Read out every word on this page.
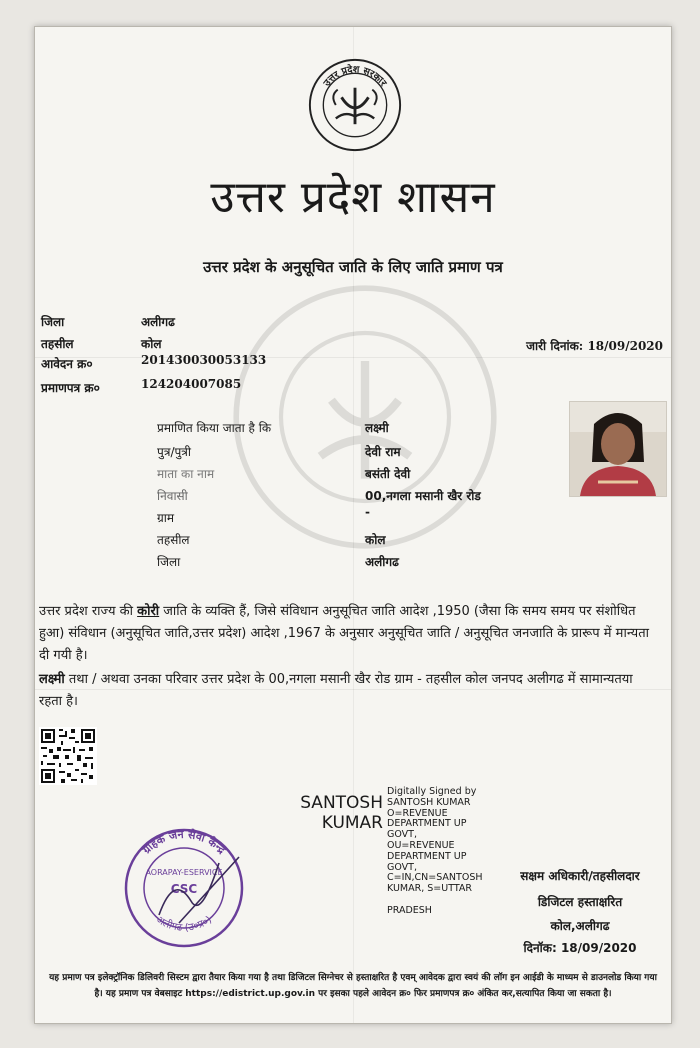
उत्तर प्रदेश सरकार
उत्तर प्रदेश शासन
उत्तर प्रदेश के अनुसूचित जाति के लिए जाति प्रमाण पत्र
जिला	अलीगढ
तहसील	कोल
आवेदन क्र०	201430030053133
प्रमाणपत्र क्र०	124204007085
जारी दिनांक: 18/09/2020
प्रमाणित किया जाता है कि	लक्ष्मी
पुत्र/पुत्री	देवी राम
माता का नाम	बसंती देवी
निवासी	00,नगला मसानी खैर रोड
ग्राम	-
तहसील	कोल
जिला	अलीगढ
उत्तर प्रदेश राज्य की कोरी जाति के व्यक्ति हैं, जिसे संविधान अनुसूचित जाति आदेश ,1950 (जैसा कि समय समय पर संशोधित हुआ) संविधान (अनुसूचित जाति,उत्तर प्रदेश) आदेश ,1967 के अनुसार अनुसूचित जाति / अनुसूचित जनजाति के प्रारूप में मान्यता दी गयी है।
लक्ष्मी तथा / अथवा उनका परिवार उत्तर प्रदेश के 00,नगला मसानी खैर रोड ग्राम - तहसील कोल जनपद अलीगढ में सामान्यतया रहता है।
SANTOSH
KUMAR
Digitally Signed by
SANTOSH KUMAR
O=REVENUE
DEPARTMENT UP
GOVT,
OU=REVENUE
DEPARTMENT UP
GOVT,
C=IN,CN=SANTOSH
KUMAR, S=UTTAR

PRADESH
ग्राहक जन सेवा केन्द्र
अलीगढ (उ०प्र०)
AORAPAY-ESERVICE
CSC
सक्षम अधिकारी/तहसीलदार
डिजिटल हस्ताक्षरित
कोल,अलीगढ
दिनॉक: 18/09/2020
यह प्रमाण पत्र इलेक्ट्रॉनिक डिलिवरी सिस्टम द्वारा तैयार किया गया है तथा डिजिटल सिग्नेचर से हस्ताक्षरित है एवम् आवेदक द्वारा स्वयं की लॉग इन आईडी के माध्यम से डाउनलोड किया गया है। यह प्रमाण पत्र वेबसाइट https://edistrict.up.gov.in पर इसका पहले आवेदन क्र० फिर प्रमाणपत्र क्र० अंकित कर,सत्यापित किया जा सकता है।
